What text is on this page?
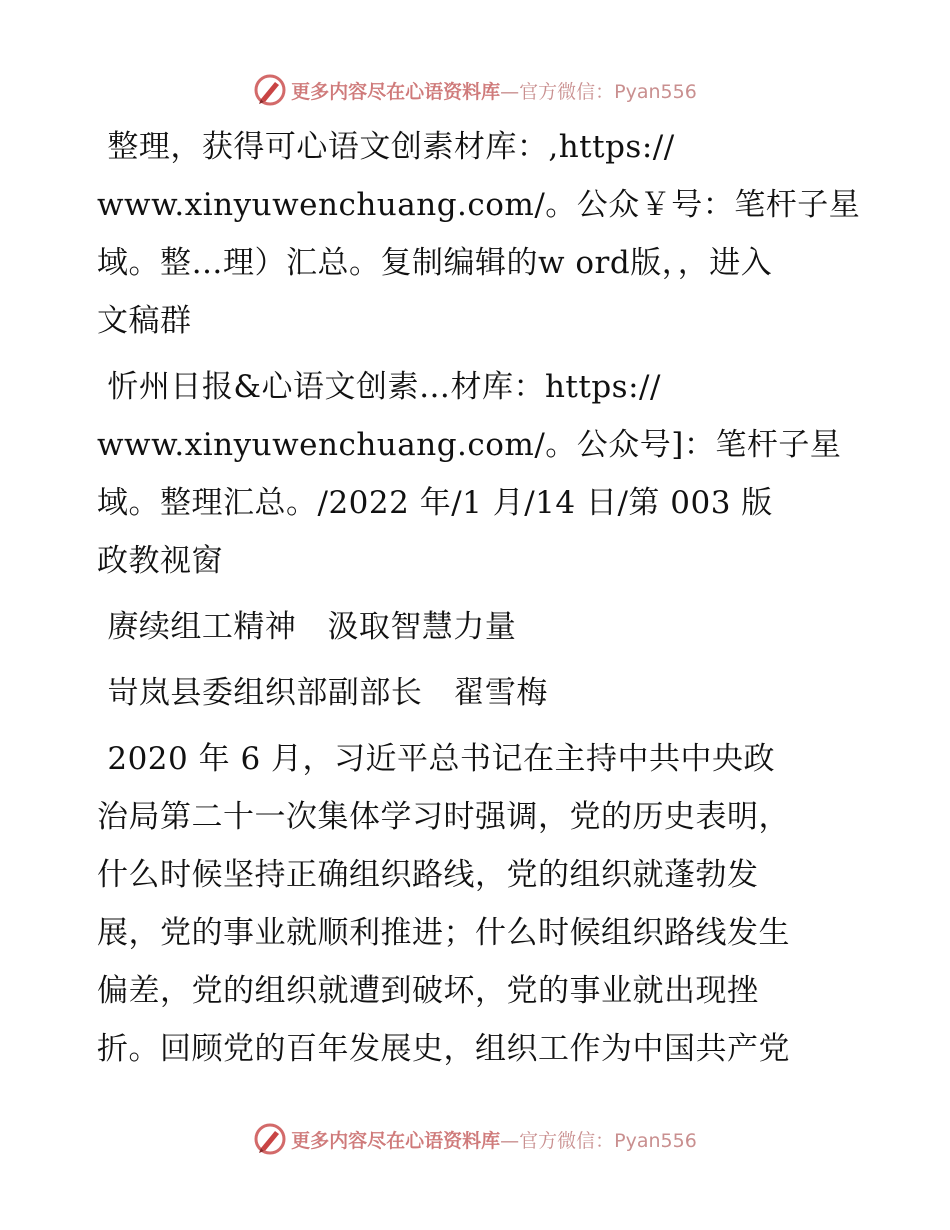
更多内容尽在心语资料库—官方微信：Pyan556
整理，获得可心语文创素材库：,https://
www.xinyuwenchuang.com/。公众￥号：笔杆子星
域。整…理）汇总。复制编辑的w ord版，，进入
文稿群
忻州日报&心语文创素…材库：https://
www.xinyuwenchuang.com/。公众号]：笔杆子星
域。整理汇总。/2022 年/1 月/14 日/第 003 版
政教视窗
赓续组工精神   汲取智慧力量
岢岚县委组织部副部长   翟雪梅
2020 年 6 月，习近平总书记在主持中共中央政
治局第二十一次集体学习时强调，党的历史表明，
什么时候坚持正确组织路线，党的组织就蓬勃发
展，党的事业就顺利推进；什么时候组织路线发生
偏差，党的组织就遭到破坏，党的事业就出现挫
折。回顾党的百年发展史，组织工作为中国共产党
更多内容尽在心语资料库—官方微信：Pyan556
